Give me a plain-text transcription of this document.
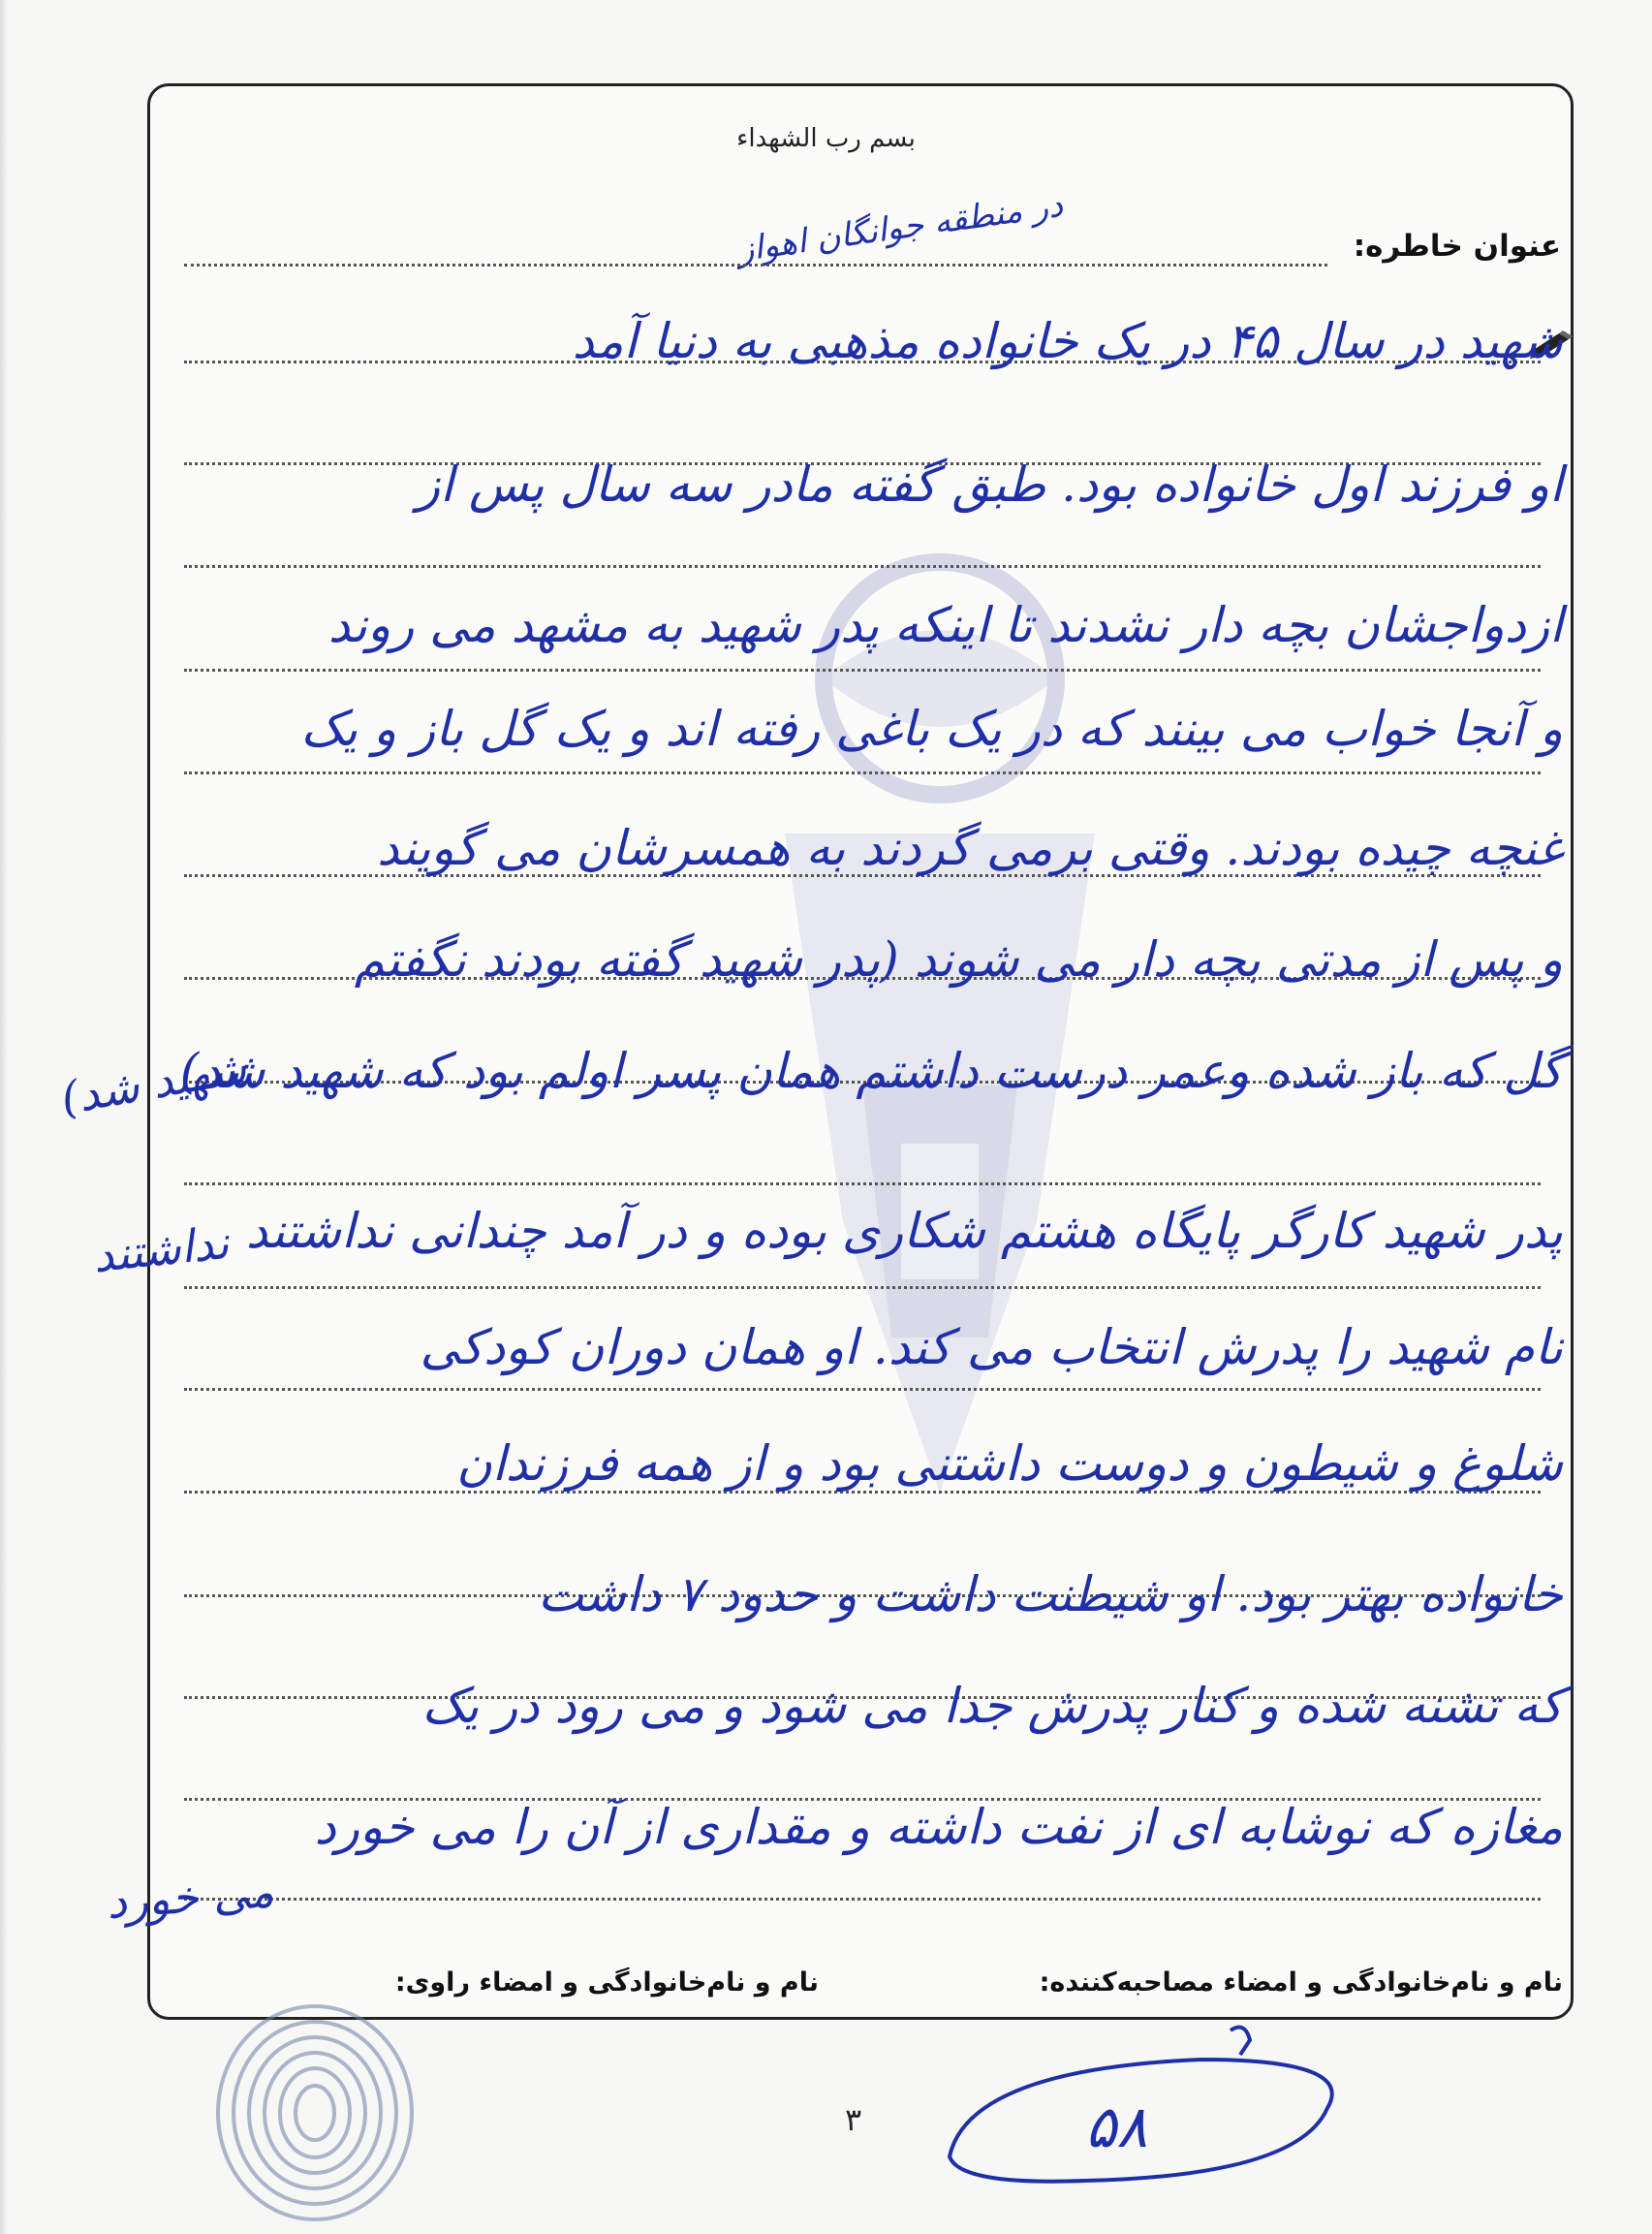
بسم رب الشهداء
عنوان خاطره:
در منطقه جوانگان اهواز
شهید در سال ۴۵ در یک خانواده مذهبی به دنیا آمد
او فرزند اول خانواده بود. طبق گفته مادر سه سال پس از
ازدواجشان بچه دار نشدند تا اینکه پدر شهید به مشهد می روند
و آنجا خواب می بینند که در یک باغی رفته اند و یک گل باز و یک
غنچه چیده بودند. وقتی برمی گردند به همسرشان می گویند
و پس از مدتی بچه دار می شوند (پدر شهید گفته بودند نگفتم
گل که باز شده وعمر درست داشتم همان پسر اولم بود که شهید شد)
پدر شهید کارگر پایگاه هشتم شکاری بوده و در آمد چندانی نداشتند
نام شهید را پدرش انتخاب می کند. او همان دوران کودکی
شلوغ و شیطون و دوست داشتنی بود و از همه فرزندان
خانواده بهتر بود. او شیطنت داشت و حدود ۷ داشت
که تشنه شده و کنار پدرش جدا می شود و می رود در یک
مغازه که نوشابه ای از نفت داشته و مقداری از آن را می خورد
شهید شد)
نداشتند
می خورد
نام و نام‌خانوادگی و امضاء مصاحبه‌کننده:
نام و نام‌خانوادگی و امضاء راوی:
۵۸
۳
